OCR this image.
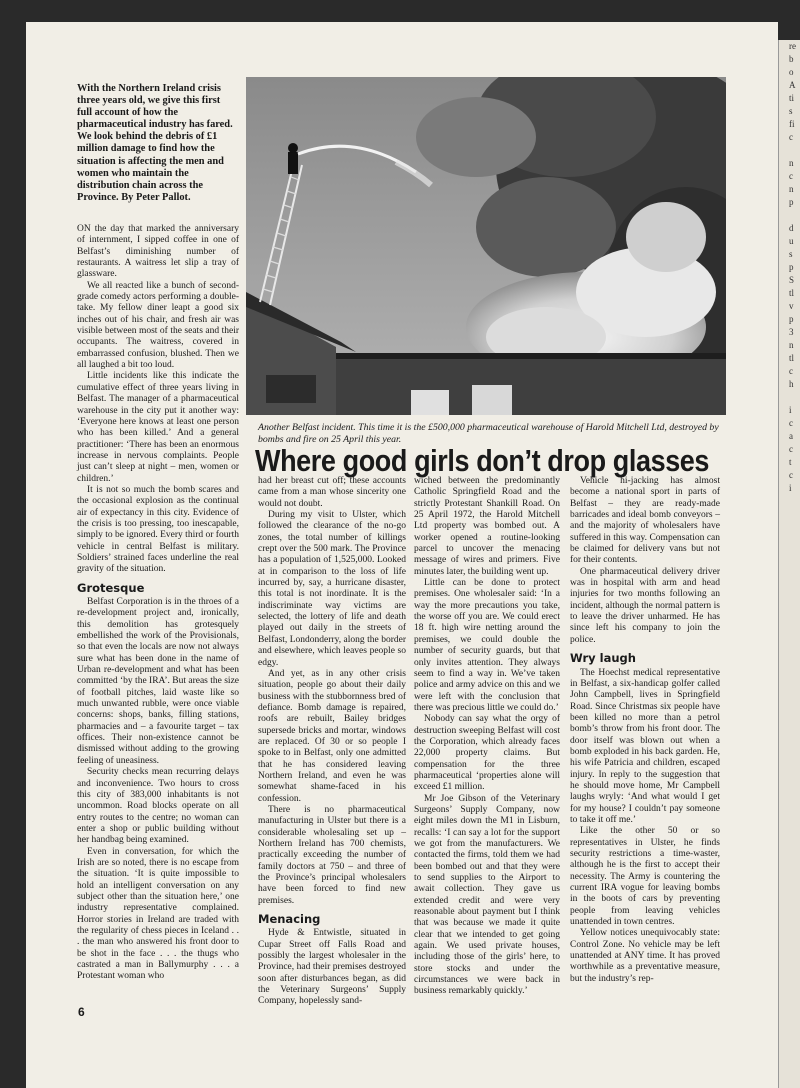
re
b
o
A
ti
s
fi
c

n
c
n
p

d
u
s
p
S
tl
v
p
3
n
tl
c
h

i
c
a
c
t
c
i
With the Northern Ireland crisis three years old, we give this first full account of how the pharmaceutical industry has fared. We look behind the debris of £1 million damage to find how the situation is affecting the men and women who maintain the distribution chain across the Province. By Peter Pallot.
Another Belfast incident. This time it is the £500,000 pharmaceutical warehouse of Harold Mitchell Ltd, destroyed by bombs and fire on 25 April this year.
Where good girls don’t drop glasses

ON the day that marked the anniversary of internment, I sipped coffee in one of Belfast’s diminishing number of restaurants. A waitress let slip a tray of glassware.

We all reacted like a bunch of second-grade comedy actors performing a double-take. My fellow diner leapt a good six inches out of his chair, and fresh air was visible between most of the seats and their occupants. The waitress, covered in embarrassed confusion, blushed. Then we all laughed a bit too loud.

Little incidents like this indicate the cumulative effect of three years living in Belfast. The manager of a pharmaceutical warehouse in the city put it another way: ‘Everyone here knows at least one person who has been killed.’ And a general practitioner: ‘There has been an enormous increase in nervous complaints. People just can’t sleep at night – men, women or children.’

It is not so much the bomb scares and the occasional explosion as the continual air of expectancy in this city. Evidence of the crisis is too pressing, too inescapable, simply to be ignored. Every third or fourth vehicle in central Belfast is military. Soldiers’ strained faces underline the real gravity of the situation.

Grotesque

Belfast Corporation is in the throes of a re-development project and, ironically, this demolition has grotesquely embellished the work of the Provisionals, so that even the locals are now not always sure what has been done in the name of Urban re-development and what has been committed ‘by the IRA’. But areas the size of football pitches, laid waste like so much unwanted rubble, were once viable concerns: shops, banks, filling stations, pharmacies and – a favourite target – tax offices. Their non-existence cannot be dismissed without adding to the growing feeling of uneasiness.

Security checks mean recurring delays and inconvenience. Two hours to cross this city of 383,000 inhabitants is not uncommon. Road blocks operate on all entry routes to the centre; no woman can enter a shop or public building without her handbag being examined.

Even in conversation, for which the Irish are so noted, there is no escape from the situation. ‘It is quite impossible to hold an intelligent conversation on any subject other than the situation here,’ one industry representative complained. Horror stories in Ireland are traded with the regularity of chess pieces in Iceland . . . the man who answered his front door to be shot in the face . . . the thugs who castrated a man in Ballymurphy . . . a Protestant woman who

had her breast cut off; these accounts came from a man whose sincerity one would not doubt.

During my visit to Ulster, which followed the clearance of the no-go zones, the total number of killings crept over the 500 mark. The Province has a population of 1,525,000. Looked at in comparison to the loss of life incurred by, say, a hurricane disaster, this total is not inordinate. It is the indiscriminate way victims are selected, the lottery of life and death played out daily in the streets of Belfast, Londonderry, along the border and elsewhere, which leaves people so edgy.

And yet, as in any other crisis situation, people go about their daily business with the stubbornness bred of defiance. Bomb damage is repaired, roofs are rebuilt, Bailey bridges supersede bricks and mortar, windows are replaced. Of 30 or so people I spoke to in Belfast, only one admitted that he has considered leaving Northern Ireland, and even he was somewhat shame-faced in his confession.

There is no pharmaceutical manufacturing in Ulster but there is a considerable wholesaling set up – Northern Ireland has 700 chemists, practically exceeding the number of family doctors at 750 – and three of the Province’s principal wholesalers have been forced to find new premises.

Menacing

Hyde & Entwistle, situated in Cupar Street off Falls Road and possibly the largest wholesaler in the Province, had their premises destroyed soon after disturbances began, as did the Veterinary Surgeons’ Supply Company, hopelessly sand-

wiched between the predominantly Catholic Springfield Road and the strictly Protestant Shankill Road. On 25 April 1972, the Harold Mitchell Ltd property was bombed out. A worker opened a routine-looking parcel to uncover the menacing message of wires and primers. Five minutes later, the building went up.

Little can be done to protect premises. One wholesaler said: ‘In a way the more precautions you take, the worse off you are. We could erect 18 ft. high wire netting around the premises, we could double the number of security guards, but that only invites attention. They always seem to find a way in. We’ve taken police and army advice on this and we were left with the conclusion that there was precious little we could do.’

Nobody can say what the orgy of destruction sweeping Belfast will cost the Corporation, which already faces 22,000 property claims. But compensation for the three pharmaceutical ‘properties alone will exceed £1 million.

Mr Joe Gibson of the Veterinary Surgeons’ Supply Company, now eight miles down the M1 in Lisburn, recalls: ‘I can say a lot for the support we got from the manufacturers. We contacted the firms, told them we had been bombed out and that they were to send supplies to the Airport to await collection. They gave us extended credit and were very reasonable about payment but I think that was because we made it quite clear that we intended to get going again. We used private houses, including those of the girls’ here, to store stocks and under the circumstances we were back in business remarkably quickly.’

Vehicle hi-jacking has almost become a national sport in parts of Belfast – they are ready-made barricades and ideal bomb conveyors – and the majority of wholesalers have suffered in this way. Compensation can be claimed for delivery vans but not for their contents.

One pharmaceutical delivery driver was in hospital with arm and head injuries for two months following an incident, although the normal pattern is to leave the driver unharmed. He has since left his company to join the police.

Wry laugh

The Hoechst medical representative in Belfast, a six-handicap golfer called John Campbell, lives in Springfield Road. Since Christmas six people have been killed no more than a petrol bomb’s throw from his front door. The door itself was blown out when a bomb exploded in his back garden. He, his wife Patricia and children, escaped injury. In reply to the suggestion that he should move home, Mr Campbell laughs wryly: ‘And what would I get for my house? I couldn’t pay someone to take it off me.’

Like the other 50 or so representatives in Ulster, he finds security restrictions a time-waster, although he is the first to accept their necessity. The Army is countering the current IRA vogue for leaving bombs in the boots of cars by preventing people from leaving vehicles unattended in town centres.

Yellow notices unequivocably state: Control Zone. No vehicle may be left unattended at ANY time. It has proved worthwhile as a preventative measure, but the industry’s rep-

6
